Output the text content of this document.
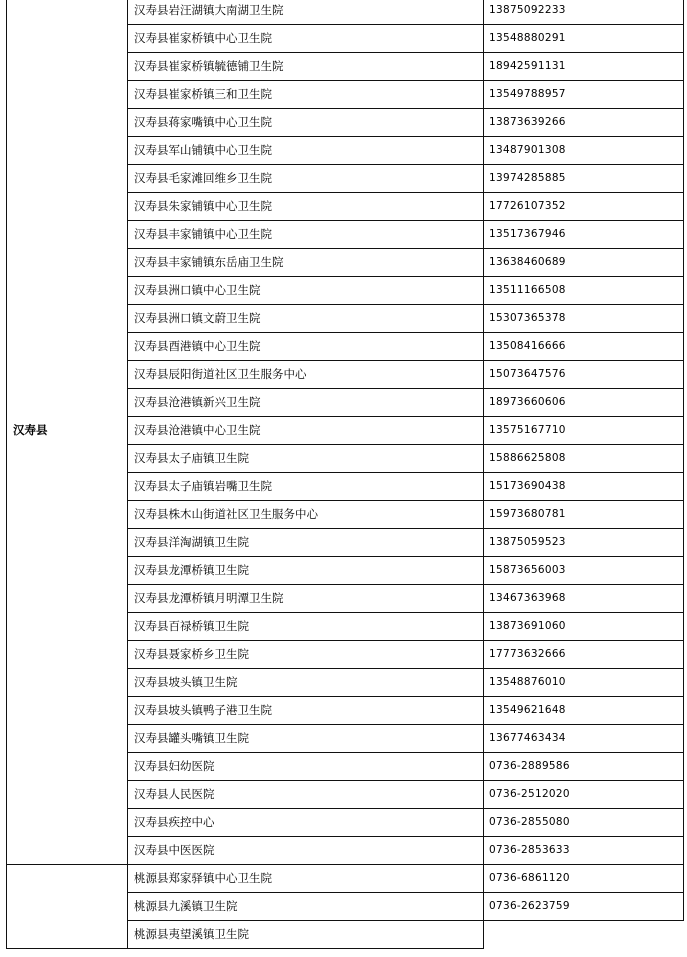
汉寿县	汉寿县岩汪湖镇大南湖卫生院	13875092233
	汉寿县崔家桥镇中心卫生院	13548880291
	汉寿县崔家桥镇毓德铺卫生院	18942591131
	汉寿县崔家桥镇三和卫生院	13549788957
	汉寿县蒋家嘴镇中心卫生院	13873639266
	汉寿县军山铺镇中心卫生院	13487901308
	汉寿县毛家滩回维乡卫生院	13974285885
	汉寿县朱家铺镇中心卫生院	17726107352
	汉寿县丰家铺镇中心卫生院	13517367946
	汉寿县丰家铺镇东岳庙卫生院	13638460689
	汉寿县洲口镇中心卫生院	13511166508
	汉寿县洲口镇文蔚卫生院	15307365378
	汉寿县酉港镇中心卫生院	13508416666
	汉寿县辰阳街道社区卫生服务中心	15073647576
	汉寿县沧港镇新兴卫生院	18973660606
	汉寿县沧港镇中心卫生院	13575167710
	汉寿县太子庙镇卫生院	15886625808
	汉寿县太子庙镇岩嘴卫生院	15173690438
	汉寿县株木山街道社区卫生服务中心	15973680781
	汉寿县洋淘湖镇卫生院	13875059523
	汉寿县龙潭桥镇卫生院	15873656003
	汉寿县龙潭桥镇月明潭卫生院	13467363968
	汉寿县百禄桥镇卫生院	13873691060
	汉寿县聂家桥乡卫生院	17773632666
	汉寿县坡头镇卫生院	13548876010
	汉寿县坡头镇鸭子港卫生院	13549621648
	汉寿县罐头嘴镇卫生院	13677463434
	汉寿县妇幼医院	0736-2889586
	汉寿县人民医院	0736-2512020
	汉寿县疾控中心	0736-2855080
	汉寿县中医医院	0736-2853633
	桃源县郑家驿镇中心卫生院	0736-6861120
	桃源县九溪镇卫生院	0736-2623759
	桃源县夷望溪镇卫生院	
